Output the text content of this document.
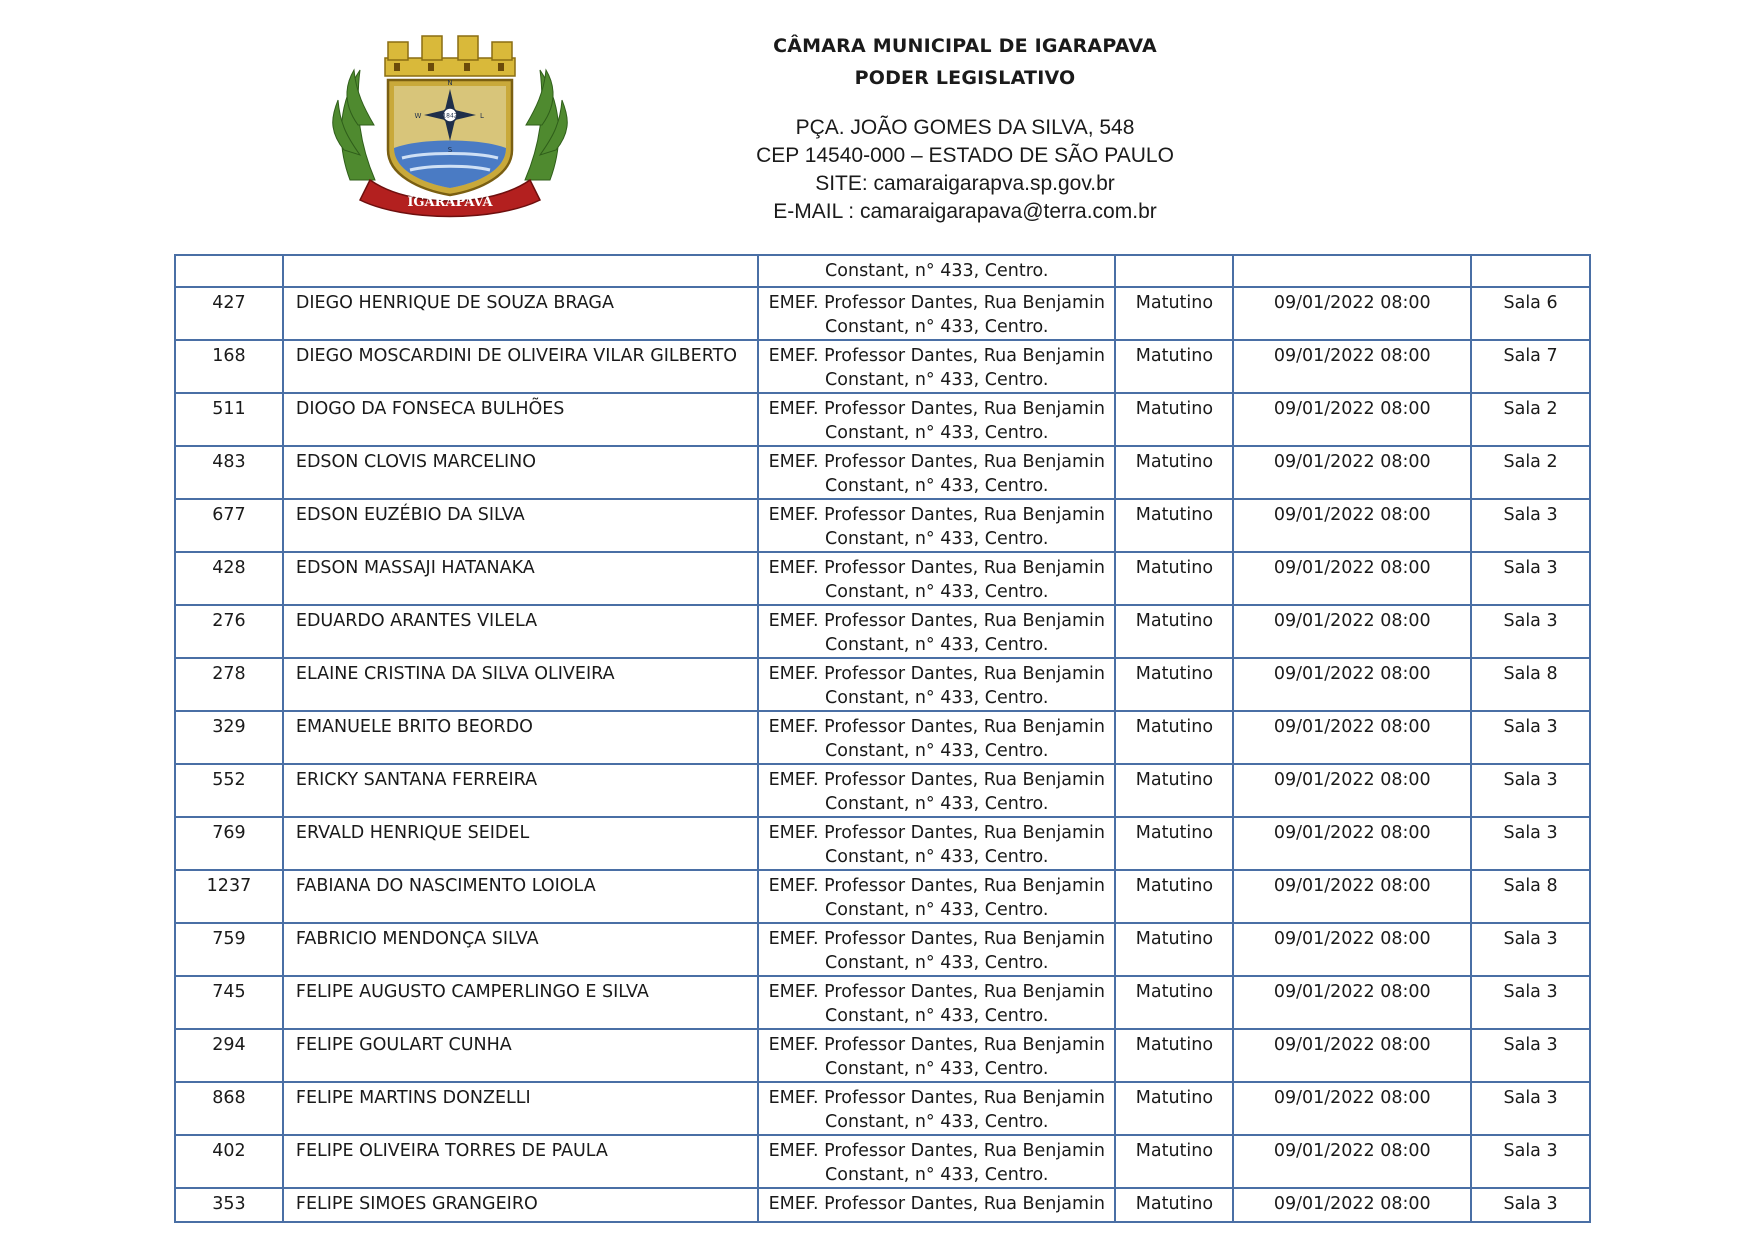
1842
N
S
L
W
IGARAPAVA
CÂMARA MUNICIPAL DE IGARAPAVA
PODER LEGISLATIVO
PÇA. JOÃO GOMES DA SILVA, 548
CEP 14540-000 – ESTADO DE SÃO PAULO
SITE: camaraigarapva.sp.gov.br
E-MAIL : camaraigarapava@terra.com.br
		Constant, n° 433, Centro.			

427	DIEGO HENRIQUE DE SOUZA BRAGA	EMEF. Professor Dantes, Rua Benjamin
Constant, n° 433, Centro.	Matutino	09/01/2022 08:00	Sala 6

168	DIEGO MOSCARDINI DE OLIVEIRA VILAR GILBERTO	EMEF. Professor Dantes, Rua Benjamin
Constant, n° 433, Centro.	Matutino	09/01/2022 08:00	Sala 7

511	DIOGO DA FONSECA BULHÕES	EMEF. Professor Dantes, Rua Benjamin
Constant, n° 433, Centro.	Matutino	09/01/2022 08:00	Sala 2

483	EDSON CLOVIS MARCELINO	EMEF. Professor Dantes, Rua Benjamin
Constant, n° 433, Centro.	Matutino	09/01/2022 08:00	Sala 2

677	EDSON EUZÉBIO DA SILVA	EMEF. Professor Dantes, Rua Benjamin
Constant, n° 433, Centro.	Matutino	09/01/2022 08:00	Sala 3

428	EDSON MASSAJI HATANAKA	EMEF. Professor Dantes, Rua Benjamin
Constant, n° 433, Centro.	Matutino	09/01/2022 08:00	Sala 3

276	EDUARDO ARANTES VILELA	EMEF. Professor Dantes, Rua Benjamin
Constant, n° 433, Centro.	Matutino	09/01/2022 08:00	Sala 3

278	ELAINE CRISTINA DA SILVA OLIVEIRA	EMEF. Professor Dantes, Rua Benjamin
Constant, n° 433, Centro.	Matutino	09/01/2022 08:00	Sala 8

329	EMANUELE BRITO BEORDO	EMEF. Professor Dantes, Rua Benjamin
Constant, n° 433, Centro.	Matutino	09/01/2022 08:00	Sala 3

552	ERICKY SANTANA FERREIRA	EMEF. Professor Dantes, Rua Benjamin
Constant, n° 433, Centro.	Matutino	09/01/2022 08:00	Sala 3

769	ERVALD HENRIQUE SEIDEL	EMEF. Professor Dantes, Rua Benjamin
Constant, n° 433, Centro.	Matutino	09/01/2022 08:00	Sala 3

1237	FABIANA DO NASCIMENTO LOIOLA	EMEF. Professor Dantes, Rua Benjamin
Constant, n° 433, Centro.	Matutino	09/01/2022 08:00	Sala 8

759	FABRICIO MENDONÇA SILVA	EMEF. Professor Dantes, Rua Benjamin
Constant, n° 433, Centro.	Matutino	09/01/2022 08:00	Sala 3

745	FELIPE AUGUSTO CAMPERLINGO E SILVA	EMEF. Professor Dantes, Rua Benjamin
Constant, n° 433, Centro.	Matutino	09/01/2022 08:00	Sala 3

294	FELIPE GOULART CUNHA	EMEF. Professor Dantes, Rua Benjamin
Constant, n° 433, Centro.	Matutino	09/01/2022 08:00	Sala 3

868	FELIPE MARTINS DONZELLI	EMEF. Professor Dantes, Rua Benjamin
Constant, n° 433, Centro.	Matutino	09/01/2022 08:00	Sala 3

402	FELIPE OLIVEIRA TORRES DE PAULA	EMEF. Professor Dantes, Rua Benjamin
Constant, n° 433, Centro.	Matutino	09/01/2022 08:00	Sala 3

353	FELIPE SIMOES GRANGEIRO	EMEF. Professor Dantes, Rua Benjamin	Matutino	09/01/2022 08:00	Sala 3
